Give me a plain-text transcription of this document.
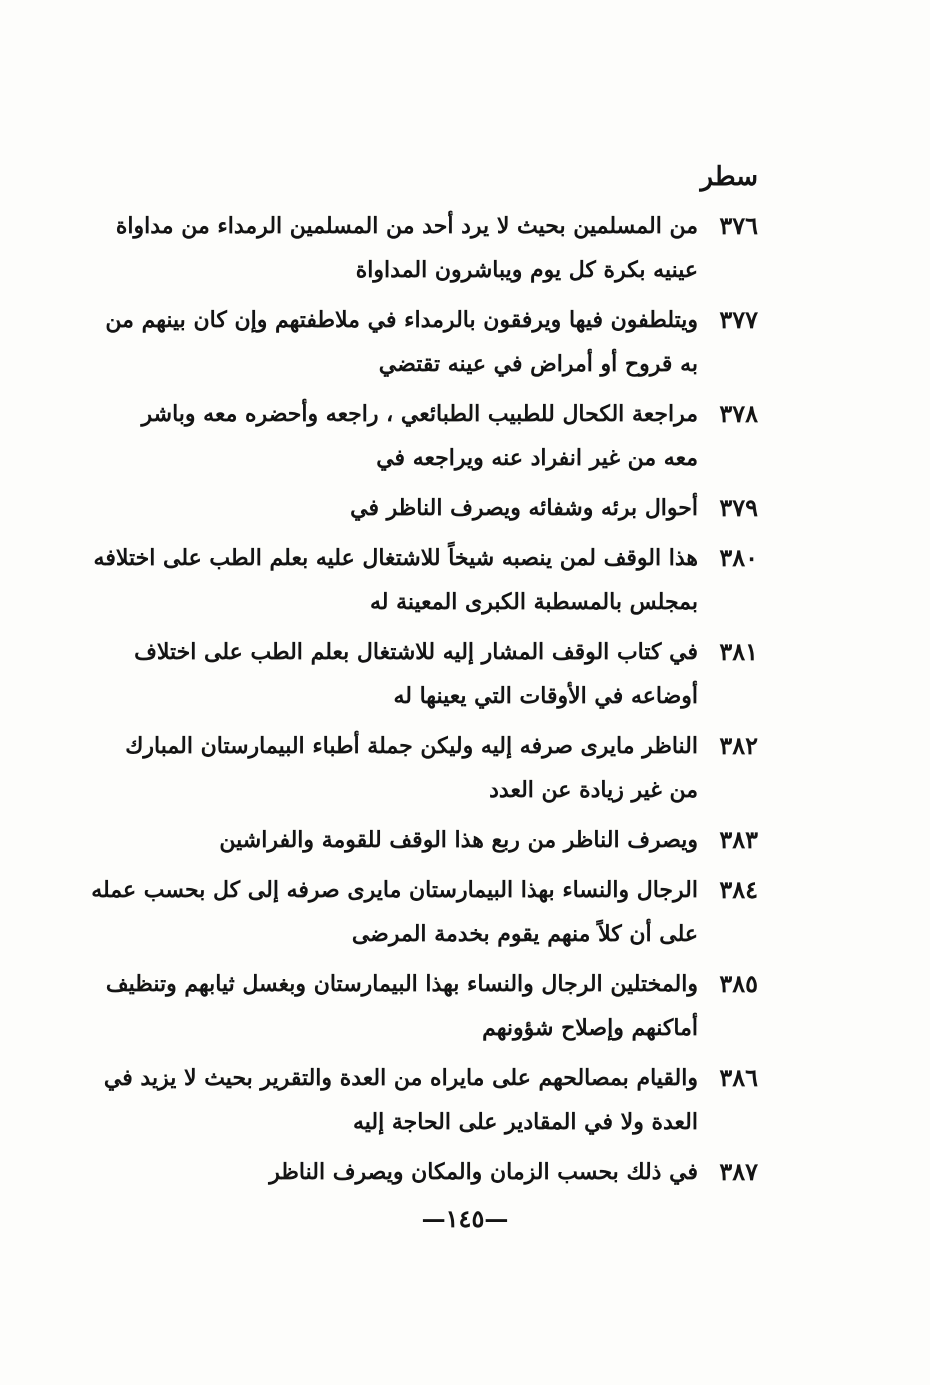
سطر
٣٧٦
من المسلمين بحيث لا يرد أحد من المسلمين الرمداء من مداواة
عينيه بكرة كل يوم ويباشرون المداواة
٣٧٧
ويتلطفون فيها ويرفقون بالرمداء في ملاطفتهم وإن كان بينهم من
به قروح أو أمراض في عينه تقتضي
٣٧٨
مراجعة الكحال للطبيب الطبائعي ، راجعه وأحضره معه وباشر
معه من غير انفراد عنه ويراجعه في
٣٧٩
أحوال برئه وشفائه ويصرف الناظر في
٣٨٠
هذا الوقف لمن ينصبه شيخاً للاشتغال عليه بعلم الطب على اختلافه
بمجلس بالمسطبة الكبرى المعينة له
٣٨١
في كتاب الوقف المشار إليه للاشتغال بعلم الطب على اختلاف
أوضاعه في الأوقات التي يعينها له
٣٨٢
الناظر مايرى صرفه إليه وليكن جملة أطباء البيمارستان المبارك
من غير زيادة عن العدد
٣٨٣
ويصرف الناظر من ربع هذا الوقف للقومة والفراشين
٣٨٤
الرجال والنساء بهذا البيمارستان مايرى صرفه إلى كل بحسب عمله
على أن كلاً منهم يقوم بخدمة المرضى
٣٨٥
والمختلين الرجال والنساء بهذا البيمارستان وبغسل ثيابهم وتنظيف
أماكنهم وإصلاح شؤونهم
٣٨٦
والقيام بمصالحهم على مايراه من العدة والتقرير بحيث لا يزيد في
العدة ولا في المقادير على الحاجة إليه
٣٨٧
في ذلك بحسب الزمان والمكان ويصرف الناظر
—١٤٥—
